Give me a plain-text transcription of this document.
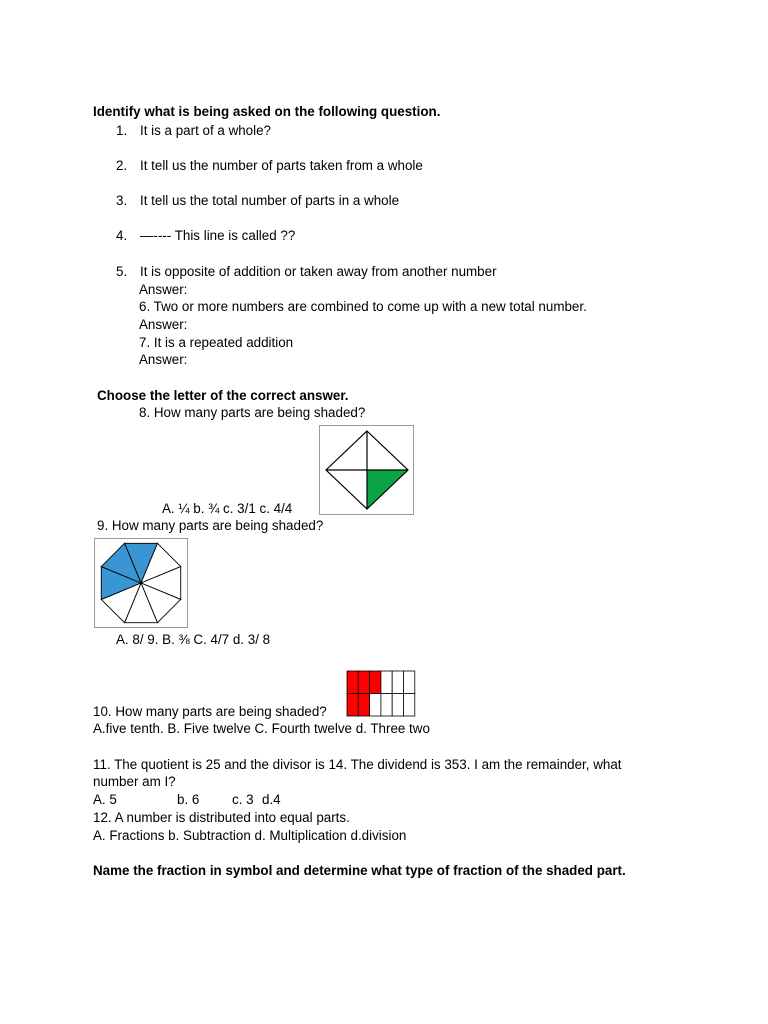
Identify what is being asked on the following question.
1. It is a part of a whole?
2. It tell us the number of parts taken from a whole
3. It tell us the total number of parts in a whole
4. —---- This line is called ??
5. It is opposite of addition or taken away from another number
Answer:
6. Two or more numbers are combined to come up with a new total number.
Answer:
7. It is a repeated addition
Answer:
Choose the letter of the correct answer.
8. How many parts are being shaded?
A. ¼ b. ¾ c. 3/1 c. 4/4
9. How many parts are being shaded?
A. 8/ 9. B. ⅜ C. 4/7 d. 3/ 8
10. How many parts are being shaded?
A.five tenth. B. Five twelve C. Fourth twelve d. Three two
11. The quotient is 25 and the divisor is 14. The dividend is 353. I am the remainder, what
number am I?
A. 5	b. 6 c. 3 d.4
12. A number is distributed into equal parts.
A. Fractions b. Subtraction d. Multiplication d.division
Name the fraction in symbol and determine what type of fraction of the shaded part.
